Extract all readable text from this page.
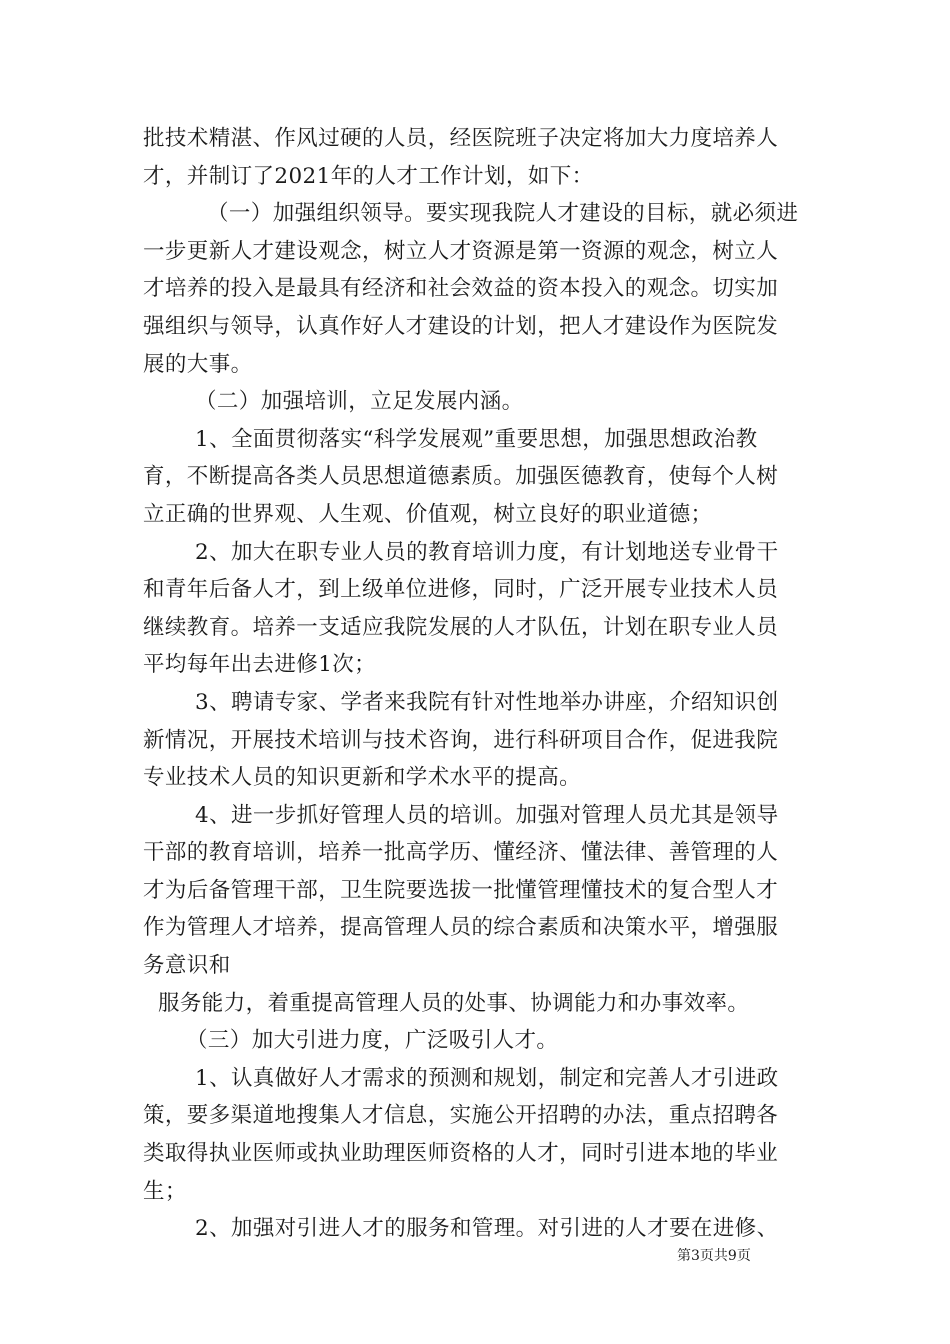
批技术精湛、作风过硬的人员，经医院班子决定将加大力度培养人
才，并制订了2021年的人才工作计划，如下：
（一）加强组织领导。要实现我院人才建设的目标，就必须进
一步更新人才建设观念，树立人才资源是第一资源的观念，树立人
才培养的投入是最具有经济和社会效益的资本投入的观念。切实加
强组织与领导，认真作好人才建设的计划，把人才建设作为医院发
展的大事。
（二）加强培训，立足发展内涵。
1、全面贯彻落实“科学发展观”重要思想，加强思想政治教
育，不断提高各类人员思想道德素质。加强医德教育，使每个人树
立正确的世界观、人生观、价值观，树立良好的职业道德；
2、加大在职专业人员的教育培训力度，有计划地送专业骨干
和青年后备人才，到上级单位进修，同时，广泛开展专业技术人员
继续教育。培养一支适应我院发展的人才队伍，计划在职专业人员
平均每年出去进修1次；
3、聘请专家、学者来我院有针对性地举办讲座，介绍知识创
新情况，开展技术培训与技术咨询，进行科研项目合作，促进我院
专业技术人员的知识更新和学术水平的提高。
4、进一步抓好管理人员的培训。加强对管理人员尤其是领导
干部的教育培训，培养一批高学历、懂经济、懂法律、善管理的人
才为后备管理干部，卫生院要选拔一批懂管理懂技术的复合型人才
作为管理人才培养，提高管理人员的综合素质和决策水平，增强服
务意识和
服务能力，着重提高管理人员的处事、协调能力和办事效率。
（三）加大引进力度，广泛吸引人才。
1、认真做好人才需求的预测和规划，制定和完善人才引进政
策，要多渠道地搜集人才信息，实施公开招聘的办法，重点招聘各
类取得执业医师或执业助理医师资格的人才，同时引进本地的毕业
生；
2、加强对引进人才的服务和管理。对引进的人才要在进修、
第3页共9页
